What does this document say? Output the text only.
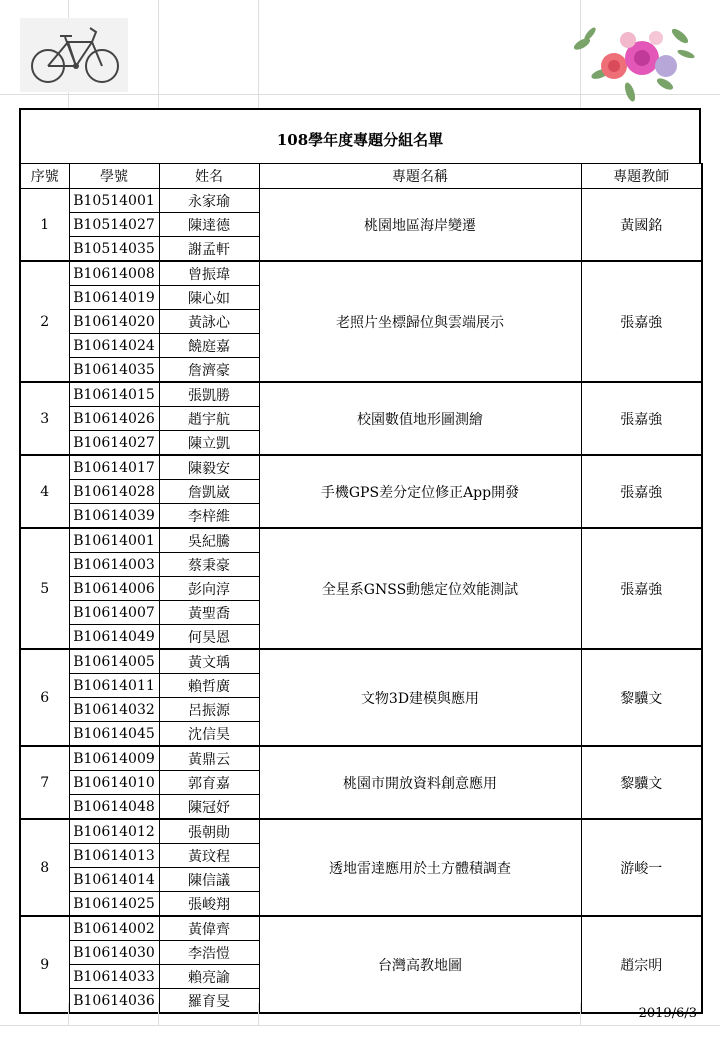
108學年度專題分組名單
序號	學號	姓名	專題名稱	專題教師
1	B10514001	永家瑜	桃園地區海岸變遷	黃國銘
	B10514027	陳達德		
	B10514035	謝孟軒		
2	B10614008	曾振瑋	老照片坐標歸位與雲端展示	張嘉強
	B10614019	陳心如		
	B10614020	黃詠心		
	B10614024	饒庭嘉		
	B10614035	詹濟豪		
3	B10614015	張凱勝	校園數值地形圖測繪	張嘉強
	B10614026	趙宇航		
	B10614027	陳立凱		
4	B10614017	陳毅安	手機GPS差分定位修正App開發	張嘉強
	B10614028	詹凱崴		
	B10614039	李梓維		
5	B10614001	吳紀騰	全星系GNSS動態定位效能測試	張嘉強
	B10614003	蔡秉豪		
	B10614006	彭向淳		
	B10614007	黃聖喬		
	B10614049	何昊恩		
6	B10614005	黃文瑀	文物3D建模與應用	黎驥文
	B10614011	賴哲廣		
	B10614032	呂振源		
	B10614045	沈信昊		
7	B10614009	黃鼎云	桃園市開放資料創意應用	黎驥文
	B10614010	郭育嘉		
	B10614048	陳冠妤		
8	B10614012	張朝勛	透地雷達應用於土方體積調查	游峻一
	B10614013	黃玟程		
	B10614014	陳信議		
	B10614025	張峻翔		
9	B10614002	黃偉齊	台灣高教地圖	趙宗明
	B10614030	李浩愷		
	B10614033	賴亮諭		
	B10614036	羅育旻		
2019/6/3
